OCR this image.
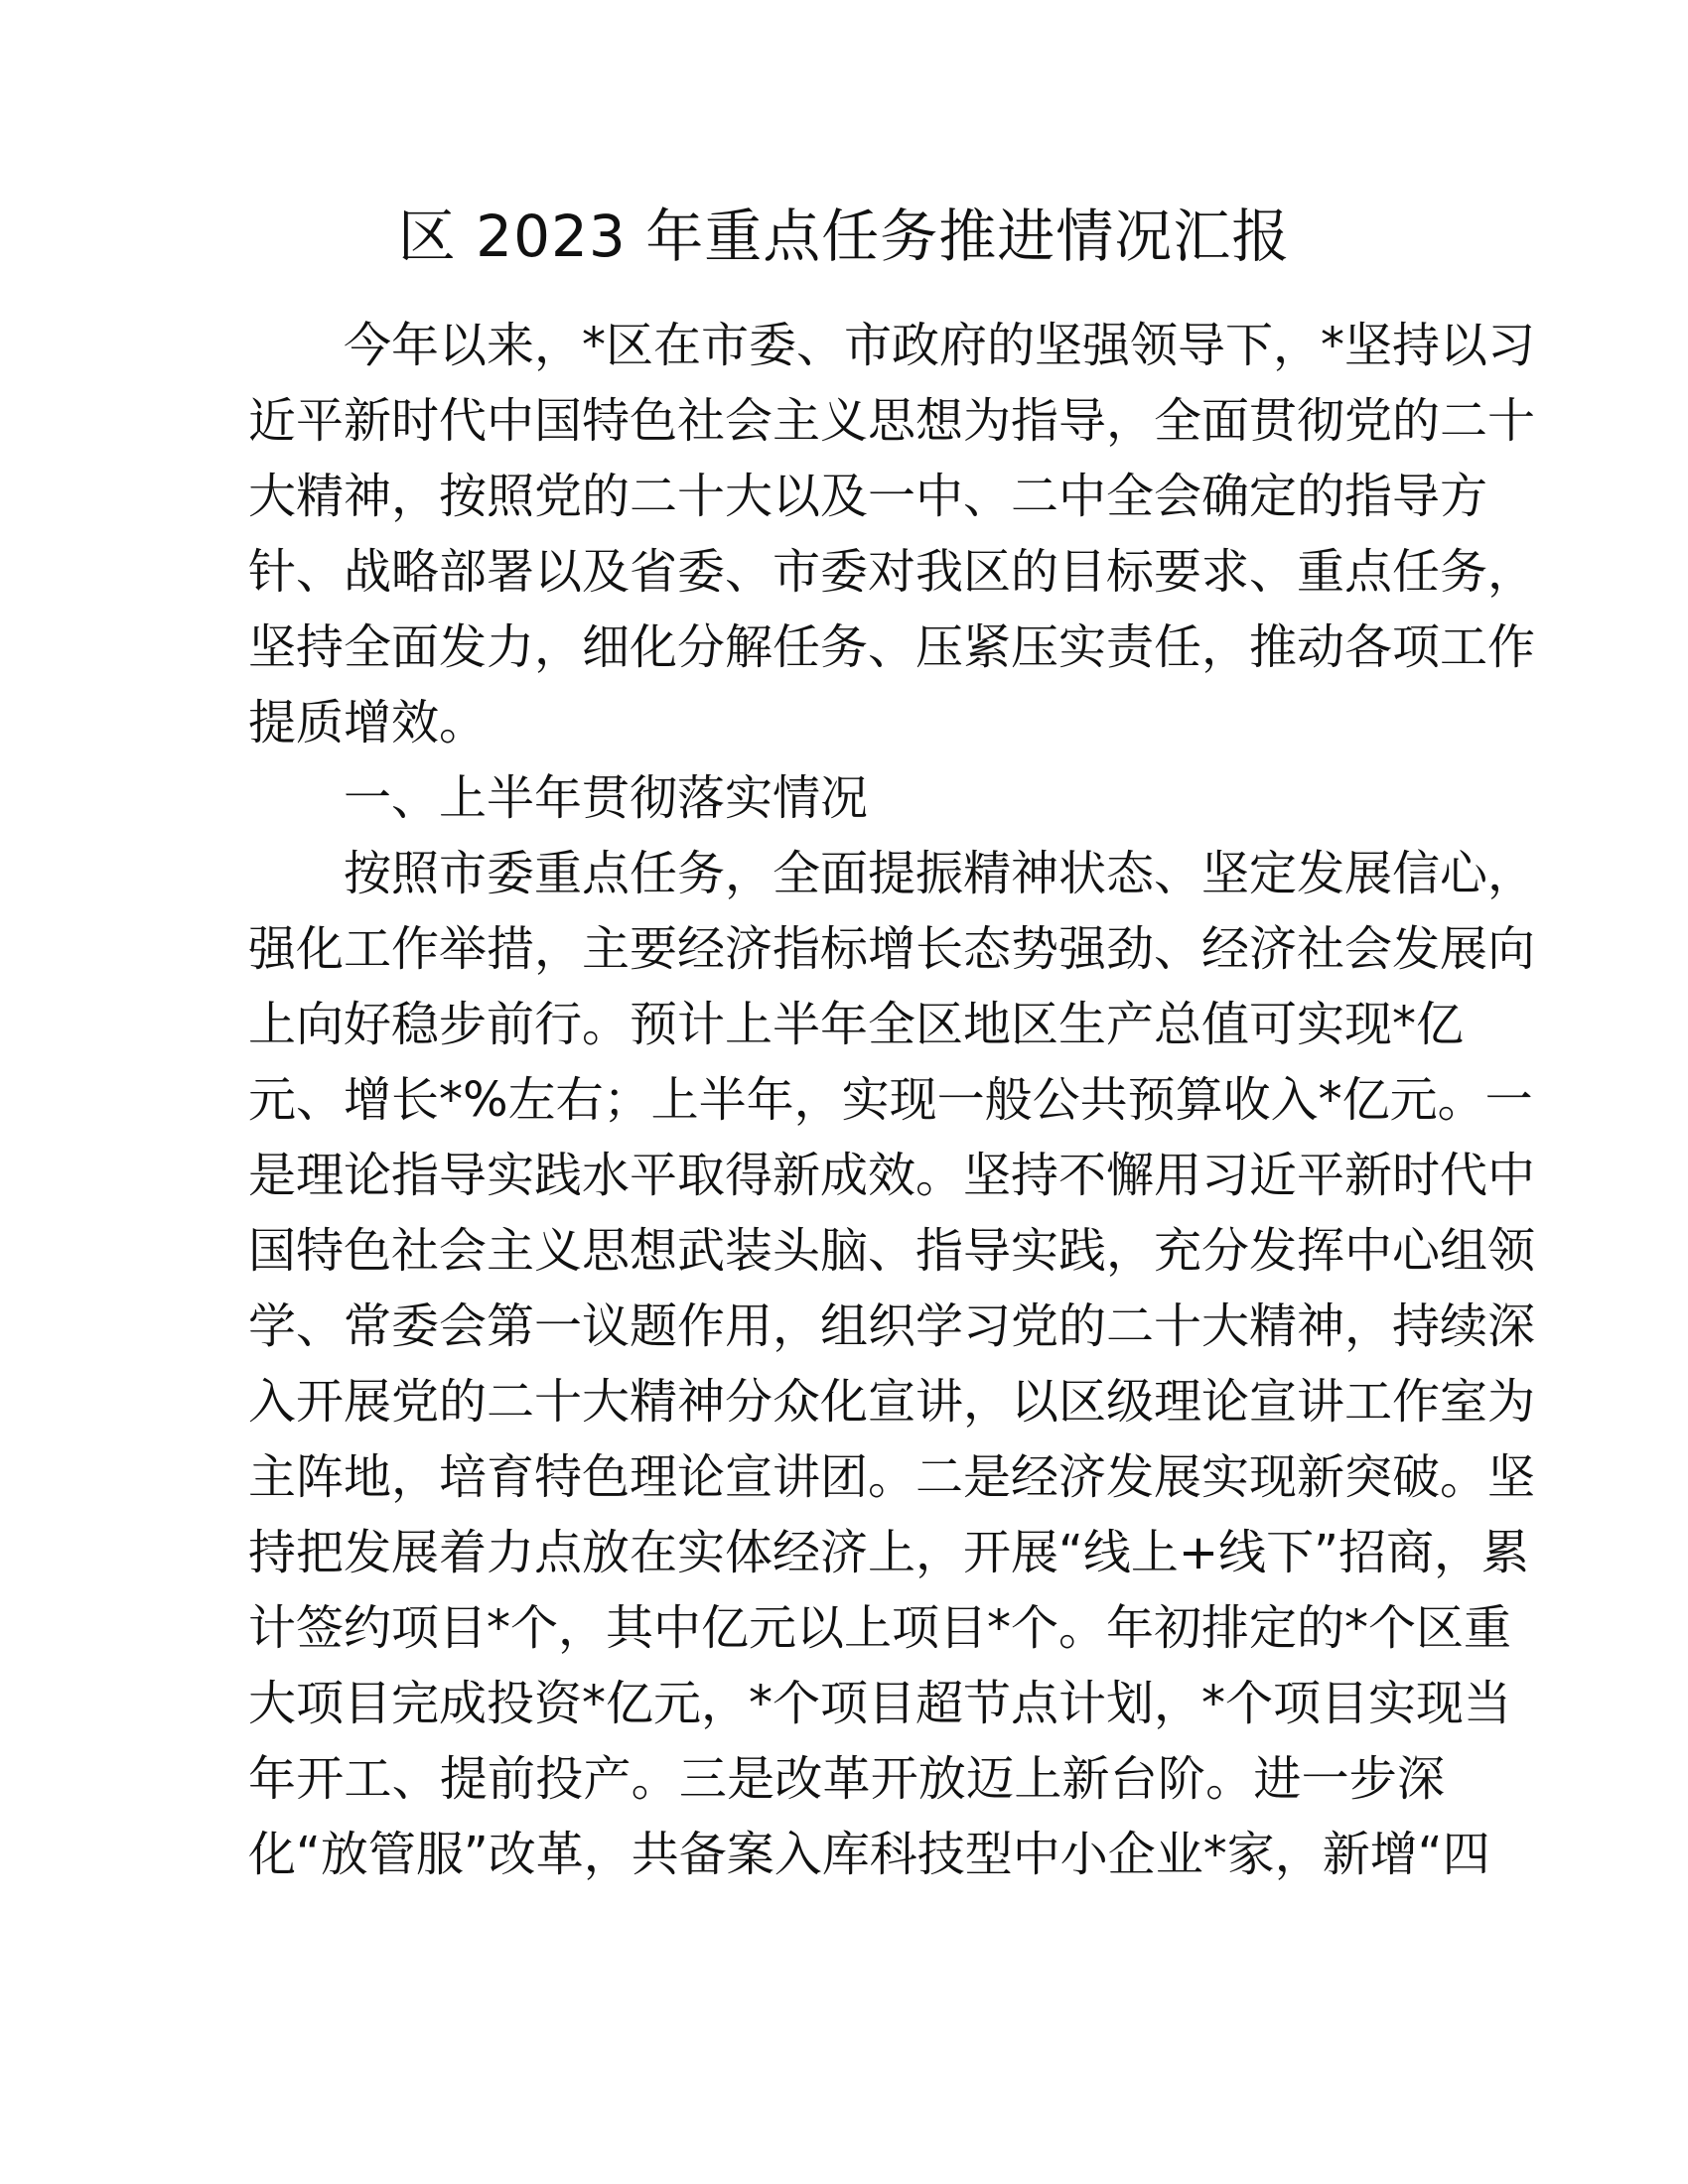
区 2023 年重点任务推进情况汇报
今年以来，*区在市委、市政府的坚强领导下，*坚持以习
近平新时代中国特色社会主义思想为指导，全面贯彻党的二十
大精神，按照党的二十大以及一中、二中全会确定的指导方
针、战略部署以及省委、市委对我区的目标要求、重点任务，
坚持全面发力，细化分解任务、压紧压实责任，推动各项工作
提质增效。
一、上半年贯彻落实情况
按照市委重点任务，全面提振精神状态、坚定发展信心，
强化工作举措，主要经济指标增长态势强劲、经济社会发展向
上向好稳步前行。预计上半年全区地区生产总值可实现*亿
元、增长*%左右；上半年，实现一般公共预算收入*亿元。一
是理论指导实践水平取得新成效。坚持不懈用习近平新时代中
国特色社会主义思想武装头脑、指导实践，充分发挥中心组领
学、常委会第一议题作用，组织学习党的二十大精神，持续深
入开展党的二十大精神分众化宣讲，以区级理论宣讲工作室为
主阵地，培育特色理论宣讲团。二是经济发展实现新突破。坚
持把发展着力点放在实体经济上，开展“线上+线下”招商，累
计签约项目*个，其中亿元以上项目*个。年初排定的*个区重
大项目完成投资*亿元，*个项目超节点计划，*个项目实现当
年开工、提前投产。三是改革开放迈上新台阶。进一步深
化“放管服”改革，共备案入库科技型中小企业*家，新增“四
